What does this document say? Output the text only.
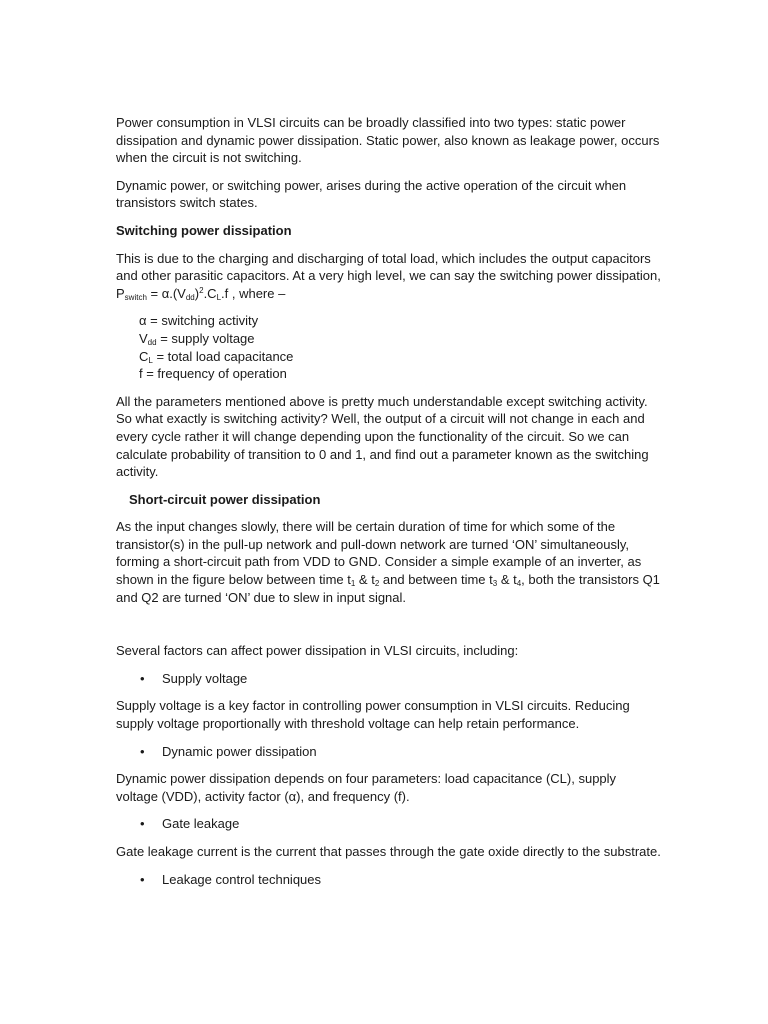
Power consumption in VLSI circuits can be broadly classified into two types: static power dissipation and dynamic power dissipation. Static power, also known as leakage power, occurs when the circuit is not switching.

Dynamic power, or switching power, arises during the active operation of the circuit when transistors switch states.

Switching power dissipation

This is due to the charging and discharging of total load, which includes the output capacitors and other parasitic capacitors. At a very high level, we can say the switching power dissipation, $P_{switch} = \alpha.(V_{dd})^2.C_L.f$ , where –

α = switching activity
$V_{dd}$ = supply voltage
$C_L$ = total load capacitance
f = frequency of operation

All the parameters mentioned above is pretty much understandable except switching activity. So what exactly is switching activity? Well, the output of a circuit will not change in each and every cycle rather it will change depending upon the functionality of the circuit. So we can calculate probability of transition to 0 and 1, and find out a parameter known as the switching activity.

Short-circuit power dissipation

As the input changes slowly, there will be certain duration of time for which some of the transistor(s) in the pull-up network and pull-down network are turned ‘ON’ simultaneously, forming a short-circuit path from VDD to GND. Consider a simple example of an inverter, as shown in the figure below between time $t_1$ & $t_2$ and between time $t_3$ & $t_4$, both the transistors Q1 and Q2 are turned ‘ON’ due to slew in input signal.

Several factors can affect power dissipation in VLSI circuits, including:

• Supply voltage

Supply voltage is a key factor in controlling power consumption in VLSI circuits. Reducing supply voltage proportionally with threshold voltage can help retain performance.

• Dynamic power dissipation

Dynamic power dissipation depends on four parameters: load capacitance (CL), supply voltage (VDD), activity factor (α), and frequency (f).

• Gate leakage

Gate leakage current is the current that passes through the gate oxide directly to the substrate.

• Leakage control techniques
